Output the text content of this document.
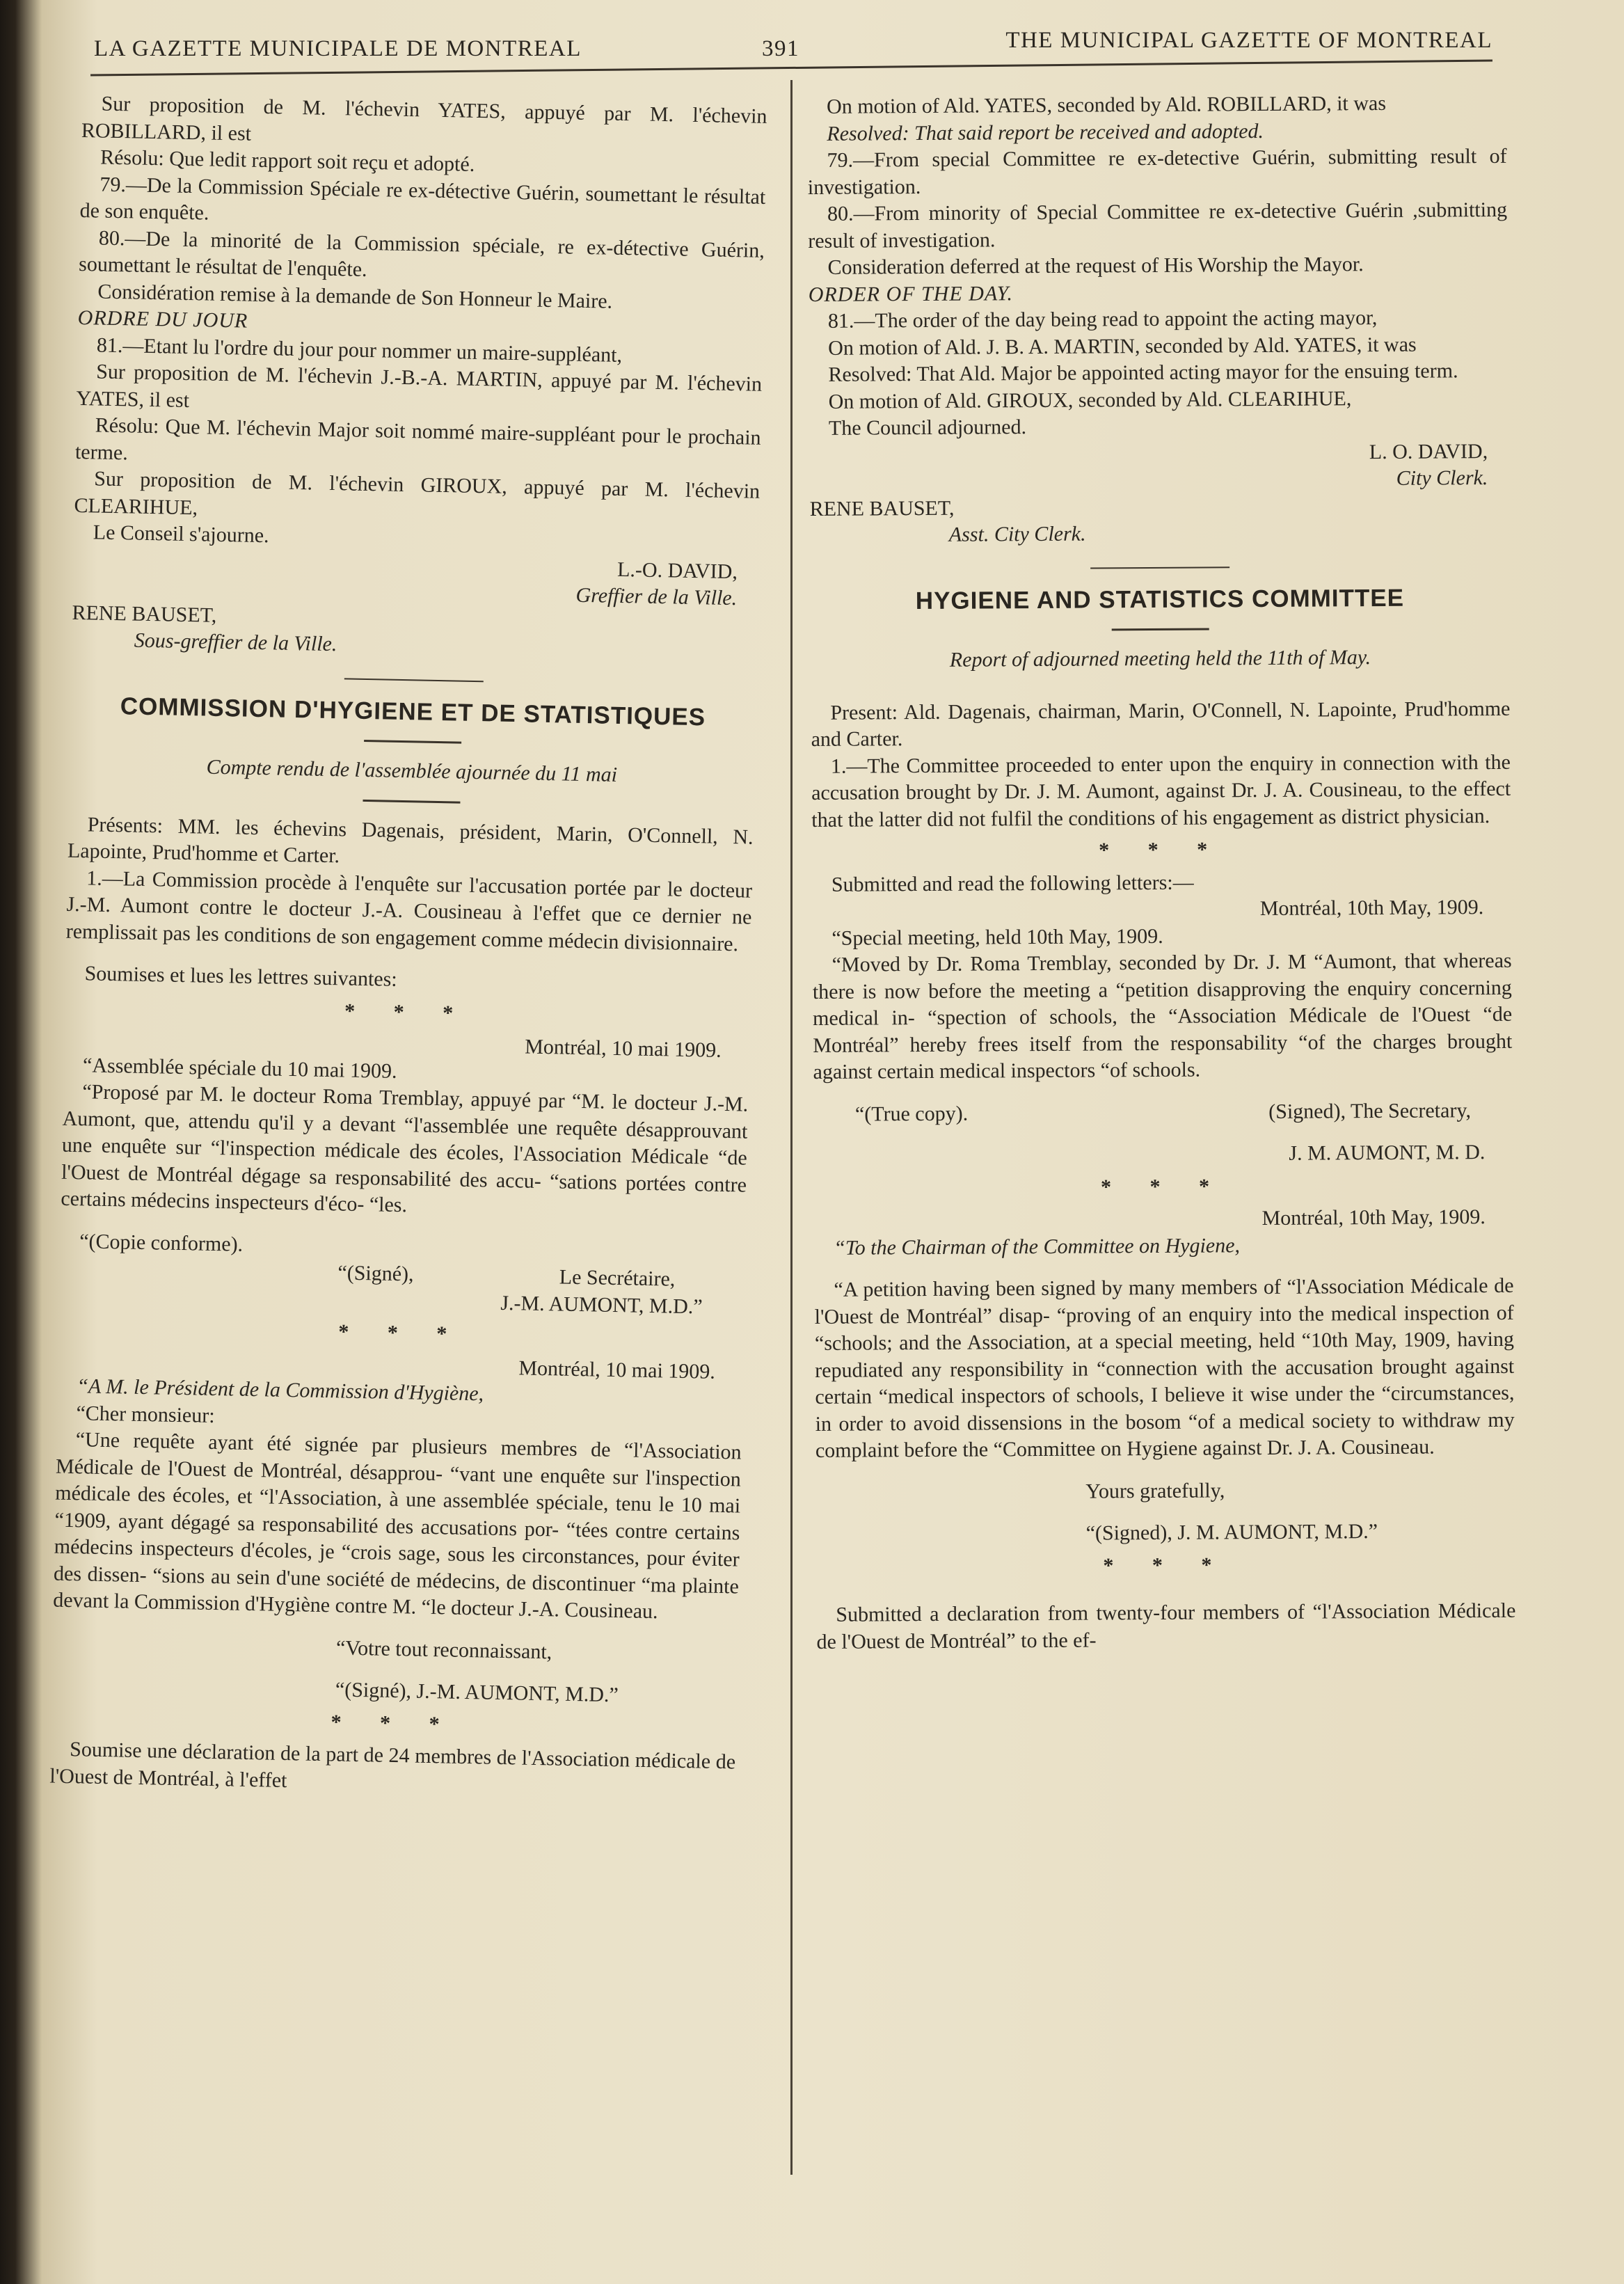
LA GAZETTE MUNICIPALE DE MONTREAL	391	THE MUNICIPAL GAZETTE OF MONTREAL

Sur proposition de M. l'échevin YATES, appuyé par M. l'échevin ROBILLARD, il est

Résolu: Que ledit rapport soit reçu et adopté.

79.—De la Commission Spéciale re ex-détective Guérin, soumettant le résultat de son enquête.

80.—De la minorité de la Commission spéciale, re ex-détective Guérin, soumettant le résultat de l'enquête.

Considération remise à la demande de Son Honneur le Maire.

ORDRE DU JOUR

81.—Etant lu l'ordre du jour pour nommer un maire-suppléant,

Sur proposition de M. l'échevin J.-B.-A. MARTIN, appuyé par M. l'échevin YATES, il est

Résolu: Que M. l'échevin Major soit nommé maire-suppléant pour le prochain terme.

Sur proposition de M. l'échevin GIROUX, appuyé par M. l'échevin CLEARIHUE,

Le Conseil s'ajourne.

L.-O. DAVID,
Greffier de la Ville.
RENE BAUSET,
Sous-greffier de la Ville.
COMMISSION D'HYGIENE ET DE STATISTIQUES
Compte rendu de l'assemblée ajournée du 11 mai

Présents: MM. les échevins Dagenais, président, Marin, O'Connell, N. Lapointe, Prud'homme et Carter.

1.—La Commission procède à l'enquête sur l'accusation portée par le docteur J.-M. Aumont contre le docteur J.-A. Cousineau à l'effet que ce dernier ne remplissait pas les conditions de son engagement comme médecin divisionnaire.

Soumises et lues les lettres suivantes:

* * *
Montréal, 10 mai 1909.

“Assemblée spéciale du 10 mai 1909.

“Proposé par M. le docteur Roma Tremblay, appuyé par “M. le docteur J.-M. Aumont, que, attendu qu'il y a devant “l'assemblée une requête désapprouvant une enquête sur “l'inspection médicale des écoles, l'Association Médicale “de l'Ouest de Montréal dégage sa responsabilité des accu- “sations portées contre certains médecins inspecteurs d'éco- “les.

“(Copie conforme).

“(Signé),	Le Secrétaire,
J.-M. AUMONT, M.D.”
* * *
Montréal, 10 mai 1909.

“A M. le Président de la Commission d'Hygiène,

“Cher monsieur:

“Une requête ayant été signée par plusieurs membres de “l'Association Médicale de l'Ouest de Montréal, désapprou- “vant une enquête sur l'inspection médicale des écoles, et “l'Association, à une assemblée spéciale, tenu le 10 mai “1909, ayant dégagé sa responsabilité des accusations por- “tées contre certains médecins inspecteurs d'écoles, je “crois sage, sous les circonstances, pour éviter des dissen- “sions au sein d'une société de médecins, de discontinuer “ma plainte devant la Commission d'Hygiène contre M. “le docteur J.-A. Cousineau.

“Votre tout reconnaissant,

“(Signé), J.-M. AUMONT, M.D.”

* * *

Soumise une déclaration de la part de 24 membres de l'Association médicale de l'Ouest de Montréal, à l'effet

On motion of Ald. YATES, seconded by Ald. ROBILLARD, it was

Resolved: That said report be received and adopted.

79.—From special Committee re ex-detective Guérin, submitting result of investigation.

80.—From minority of Special Committee re ex-detective Guérin ,submitting result of investigation.

Consideration deferred at the request of His Worship the Mayor.

ORDER OF THE DAY.

81.—The order of the day being read to appoint the acting mayor,

On motion of Ald. J. B. A. MARTIN, seconded by Ald. YATES, it was

Resolved: That Ald. Major be appointed acting mayor for the ensuing term.

On motion of Ald. GIROUX, seconded by Ald. CLEARIHUE,

The Council adjourned.

L. O. DAVID,
City Clerk.
RENE BAUSET,
Asst. City Clerk.
HYGIENE AND STATISTICS COMMITTEE
Report of adjourned meeting held the 11th of May.

Present: Ald. Dagenais, chairman, Marin, O'Connell, N. Lapointe, Prud'homme and Carter.

1.—The Committee proceeded to enter upon the enquiry in connection with the accusation brought by Dr. J. M. Aumont, against Dr. J. A. Cousineau, to the effect that the latter did not fulfil the conditions of his engagement as district physician.

* * *

Submitted and read the following letters:—

Montréal, 10th May, 1909.

“Special meeting, held 10th May, 1909.

“Moved by Dr. Roma Tremblay, seconded by Dr. J. M “Aumont, that whereas there is now before the meeting a “petition disapproving the enquiry concerning medical in- “spection of schools, the “Association Médicale de l'Ouest “de Montréal” hereby frees itself from the responsability “of the charges brought against certain medical inspectors “of schools.

“(True copy).	(Signed), The Secretary,
J. M. AUMONT, M. D.
* * *
Montréal, 10th May, 1909.

“To the Chairman of the Committee on Hygiene,

“A petition having been signed by many members of “l'Association Médicale de l'Ouest de Montréal” disap- “proving of an enquiry into the medical inspection of “schools; and the Association, at a special meeting, held “10th May, 1909, having repudiated any responsibility in “connection with the accusation brought against certain “medical inspectors of schools, I believe it wise under the “circumstances, in order to avoid dissensions in the bosom “of a medical society to withdraw my complaint before the “Committee on Hygiene against Dr. J. A. Cousineau.

Yours gratefully,

“(Signed), J. M. AUMONT, M.D.”

* * *

Submitted a declaration from twenty-four members of “l'Association Médicale de l'Ouest de Montréal” to the ef-
